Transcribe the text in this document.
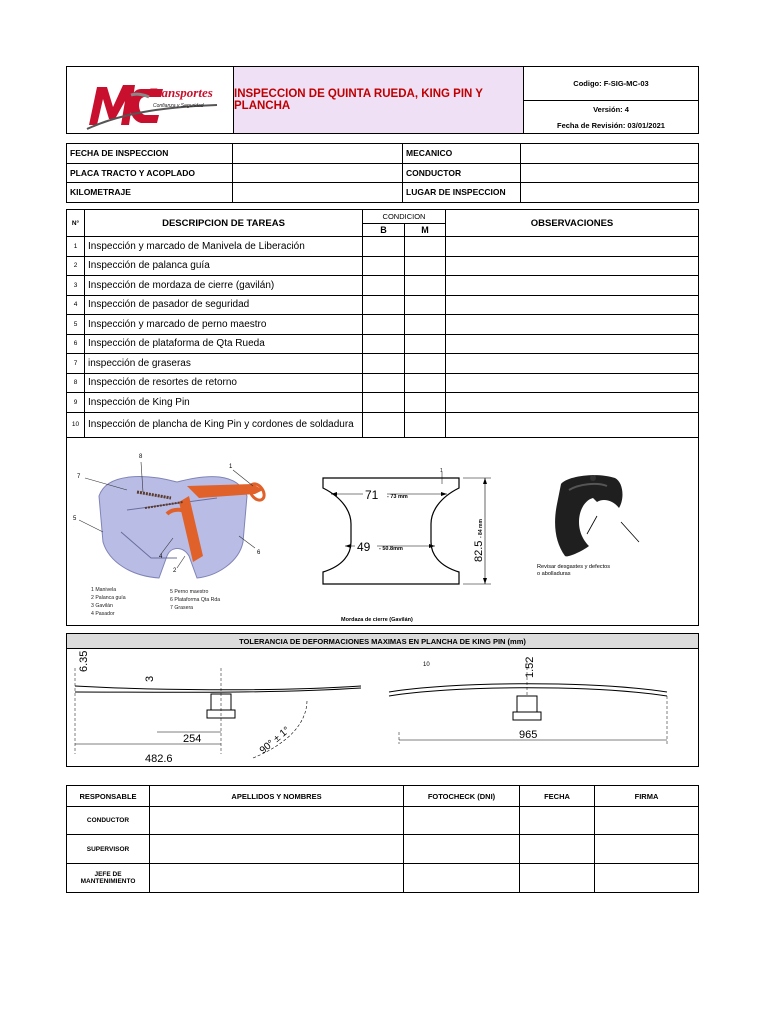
Transportes
Confianza y Seguridad
INSPECCION DE QUINTA RUEDA, KING PIN Y PLANCHA
Codigo: F-SIG-MC-03
Versión: 4
Fecha de Revisión: 03/01/2021
FECHA DE INSPECCION		MECANICO	
PLACA TRACTO Y ACOPLADO		CONDUCTOR	
KILOMETRAJE		LUGAR DE INSPECCION	
N°	DESCRIPCION DE TAREAS	CONDICION		OBSERVACIONES
		B	M	
1	Inspección y marcado de Manivela de Liberación			
2	Inspección de palanca guía			
3	Inspección de mordaza de cierre (gavilán)			
4	Inspección de pasador de seguridad			
5	Inspección y marcado de perno maestro			
6	Inspección de plataforma de Qta Rueda			
7	inspección de graseras			
8	Inspección de resortes de retorno			
9	Inspección de King Pin			
10	Inspección de plancha de King Pin y cordones de soldadura			
8
1
7
5
4
2
6
1 Manivela
2 Palanca guía
3 Gavilán
4 Pasador
5 Perno maestro
6 Plataforma Qta Rda
7 Grasera
1
71 - 73 mm
49 - 50.8mm	82.5
- 84 mm
Mordaza de cierre (Gavilán)
Revisar desgastes y defectos o abolladuras
TOLERANCIA DE DEFORMACIONES MAXIMAS EN PLANCHA DE KING PIN (mm)
6.35
3
254
482.6
90° ± 1°
10	1.52
965
RESPONSABLE	APELLIDOS Y NOMBRES	FOTOCHECK (DNI)	FECHA	FIRMA
CONDUCTOR				
SUPERVISOR				
JEFE DE MANTENIMIENTO				
